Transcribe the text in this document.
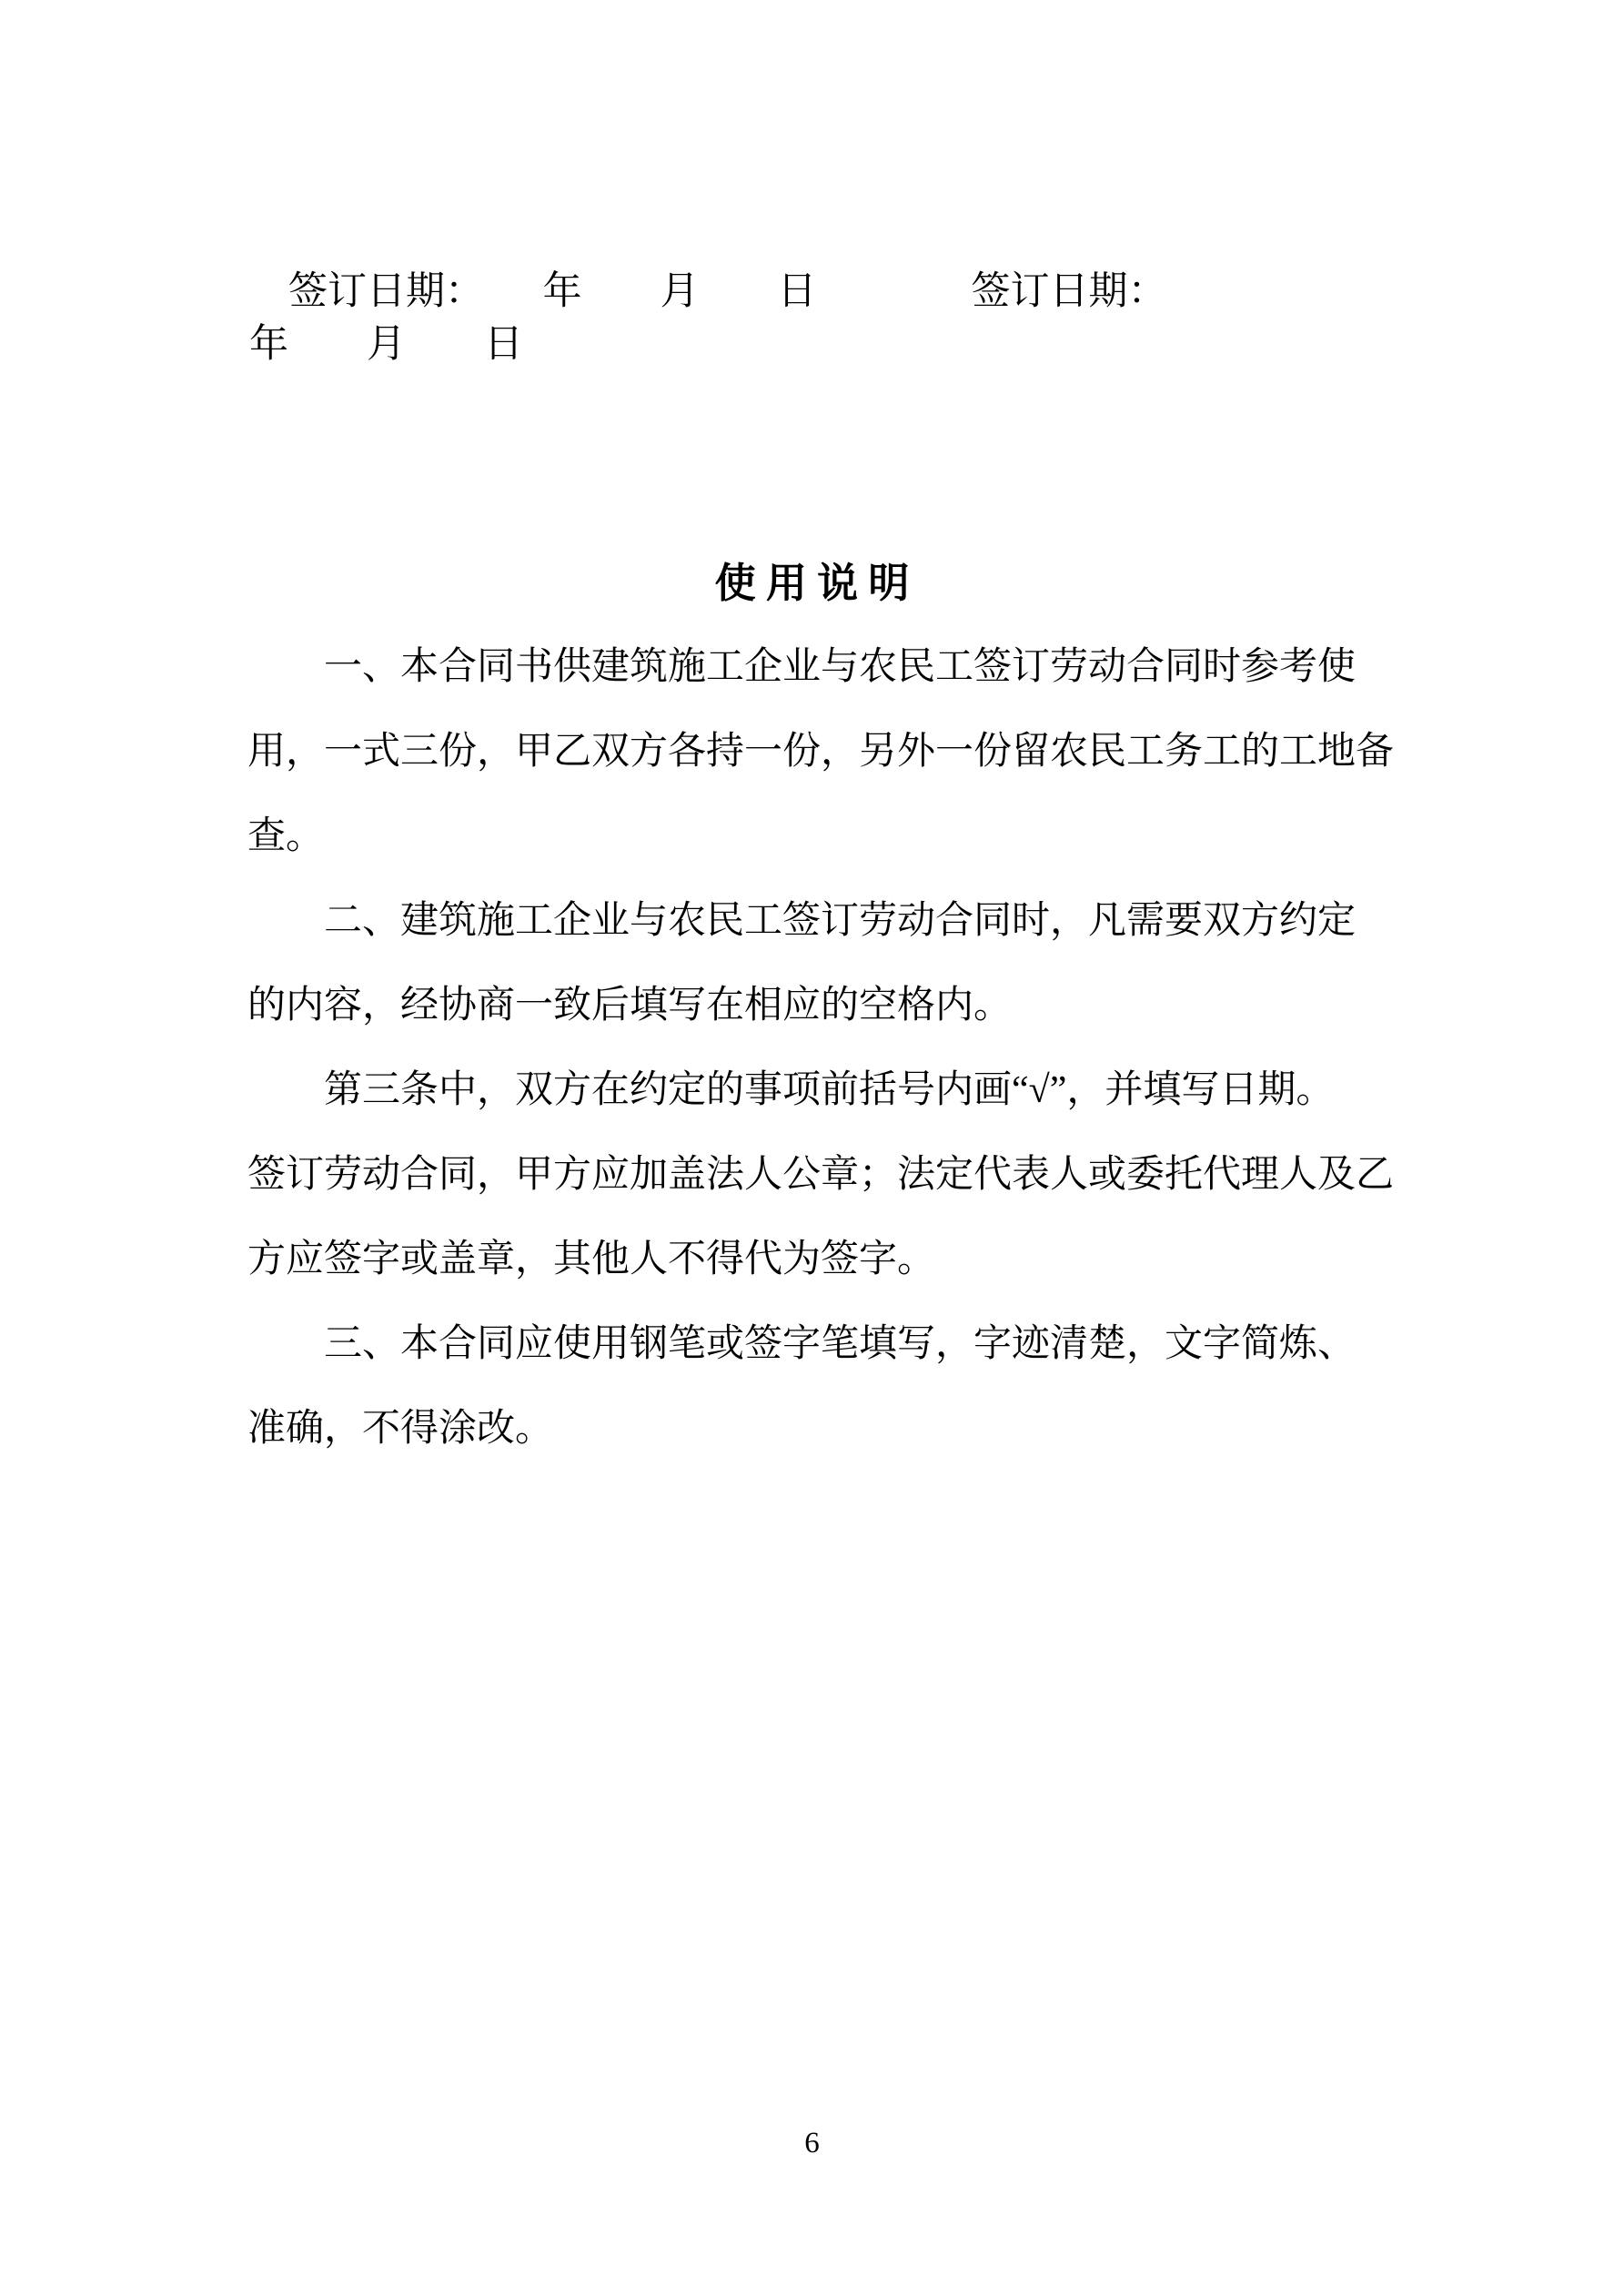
签订日期：　　年　　月　　日	签订日期：

年　　月　　日
使 用 说 明
　　一、本合同书供建筑施工企业与农民工签订劳动合同时参考使
用，一式三份，甲乙双方各持一份，另外一份留农民工务工的工地备
查。
　　二、建筑施工企业与农民工签订劳动合同时，凡需要双方约定
的内容，经协商一致后填写在相应的空格内。
　　第三条中，双方在约定的事项前括号内画“√”，并填写日期。
签订劳动合同，甲方应加盖法人公章；法定代表人或委托代理人及乙
方应签字或盖章，其他人不得代为签字。
　　三、本合同应使用钢笔或签字笔填写，字迹清楚，文字简炼、
准确，不得涂改。
6
